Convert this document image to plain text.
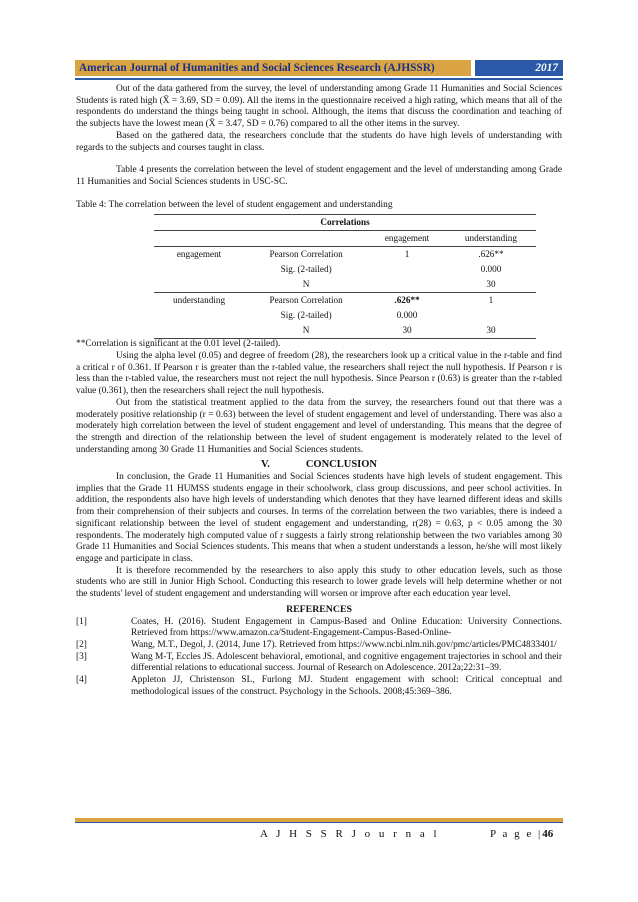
American Journal of Humanities and Social Sciences Research (AJHSSR)	2017

Out of the data gathered from the survey, the level of understanding among Grade 11 Humanities and Social Sciences Students is rated high (X̄ = 3.69, SD = 0.09). All the items in the questionnaire received a high rating, which means that all of the respondents do understand the things being taught in school. Although, the items that discuss the coordination and teaching of the subjects have the lowest mean (X̄ = 3.47, SD = 0.76) compared to all the other items in the survey.

Based on the gathered data, the researchers conclude that the students do have high levels of understanding with regards to the subjects and courses taught in class.

Table 4 presents the correlation between the level of student engagement and the level of understanding among Grade 11 Humanities and Social Sciences students in USC-SC.

Table 4: The correlation between the level of student engagement and understanding

Correlations			
		engagement	understanding
engagement	Pearson Correlation	1	.626**
	Sig. (2-tailed)		0.000
	N		30
understanding	Pearson Correlation	.626**	1
	Sig. (2-tailed)	0.000	
	N	30	30

**Correlation is significant at the 0.01 level (2-tailed).

Using the alpha level (0.05) and degree of freedom (28), the researchers look up a critical value in the r-table and find a critical r of 0.361. If Pearson r is greater than the r-tabled value, the researchers shall reject the null hypothesis. If Pearson r is less than the r-tabled value, the researchers must not reject the null hypothesis. Since Pearson r (0.63) is greater than the r-tabled value (0.361), then the researchers shall reject the null hypothesis.

Out from the statistical treatment applied to the data from the survey, the researchers found out that there was a moderately positive relationship (r = 0.63) between the level of student engagement and level of understanding. There was also a moderately high correlation between the level of student engagement and level of understanding. This means that the degree of the strength and direction of the relationship between the level of student engagement is moderately related to the level of understanding among 30 Grade 11 Humanities and Social Sciences students.

V.	CONCLUSION

In conclusion, the Grade 11 Humanities and Social Sciences students have high levels of student engagement. This implies that the Grade 11 HUMSS students engage in their schoolwork, class group discussions, and peer school activities. In addition, the respondents also have high levels of understanding which denotes that they have learned different ideas and skills from their comprehension of their subjects and courses. In terms of the correlation between the two variables, there is indeed a significant relationship between the level of student engagement and understanding, r(28) = 0.63, p < 0.05 among the 30 respondents. The moderately high computed value of r suggests a fairly strong relationship between the two variables among 30 Grade 11 Humanities and Social Sciences students. This means that when a student understands a lesson, he/she will most likely engage and participate in class.

It is therefore recommended by the researchers to also apply this study to other education levels, such as those students who are still in Junior High School. Conducting this research to lower grade levels will help determine whether or not the students' level of student engagement and understanding will worsen or improve after each education year level.

REFERENCES
[1]	Coates, H. (2016). Student Engagement in Campus-Based and Online Education: University Connections. Retrieved from https://www.amazon.ca/Student-Engagement-Campus-Based-Online-
[2]	Wang, M.T., Degol, J. (2014, June 17). Retrieved from https://www.ncbi.nlm.nih.gov/pmc/articles/PMC4833401/
[3]	Wang M-T, Eccles JS. Adolescent behavioral, emotional, and cognitive engagement trajectories in school and their differential relations to educational success. Journal of Research on Adolescence. 2012a;22:31–39.
[4]	Appleton JJ, Christenson SL, Furlong MJ. Student engagement with school: Critical conceptual and methodological issues of the construct. Psychology in the Schools. 2008;45:369–386.
A J H S S R J o u r n a l	P a g e |46
